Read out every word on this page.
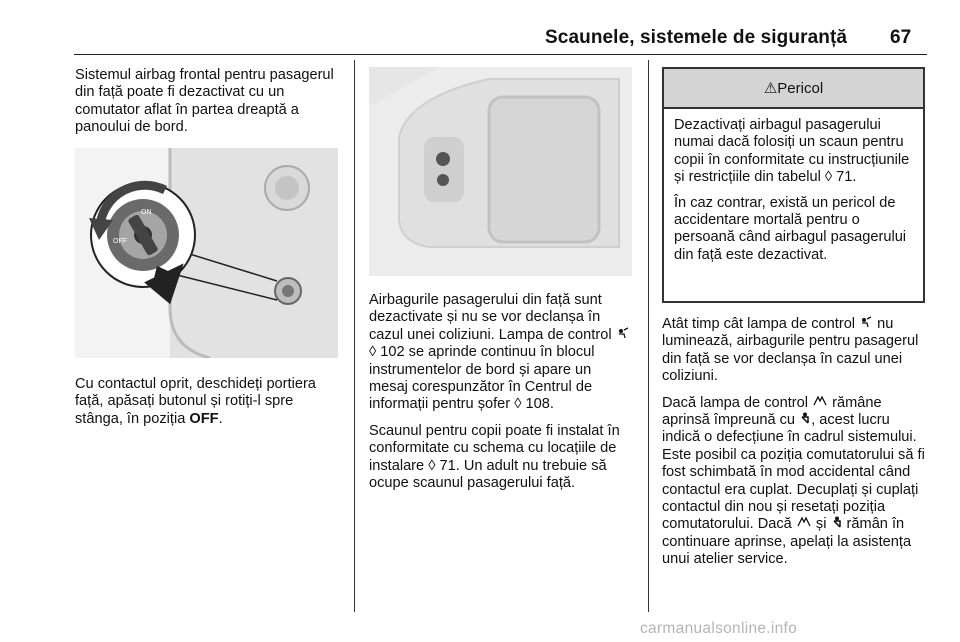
Scaunele, sistemele de siguranță 67

Sistemul airbag frontal pentru pasagerul din față poate fi dezactivat cu un comutator aflat în partea dreaptă a panoului de bord.

ON
OFF
Cu contactul oprit, deschideți portiera față, apăsați butonul și rotiți-l spre stânga, în poziția OFF.

Airbagurile pasagerului din față sunt dezactivate și nu se vor declanșa în cazul unei coliziuni. Lampa de control  ◊ 102 se aprinde continuu în blocul instrumentelor de bord și apare un mesaj corespunzător în Centrul de informații pentru șofer ◊ 108.

Scaunul pentru copii poate fi instalat în conformitate cu schema cu locațiile de instalare ◊ 71. Un adult nu trebuie să ocupe scaunul pasagerului față.

⚠ Pericol

Dezactivați airbagul pasagerului numai dacă folosiți un scaun pentru copii în conformitate cu instrucțiunile și restricțiile din tabelul ◊ 71.

În caz contrar, există un pericol de accidentare mortală pentru o persoană când airbagul pasagerului din față este dezactivat.

Atât timp cât lampa de control  nu luminează, airbagurile pentru pasagerul din față se vor declanșa în cazul unei coliziuni.

Dacă lampa de control  rămâne aprinsă împreună cu , acest lucru indică o defecțiune în cadrul sistemului. Este posibil ca poziția comutatorului să fi fost schimbată în mod accidental când contactul era cuplat. Decuplați și cuplați contactul din nou și resetați poziția comutatorului. Dacă  și  rămân în continuare aprinse, apelați la asistența unui atelier service.

carmanualsonline.info
